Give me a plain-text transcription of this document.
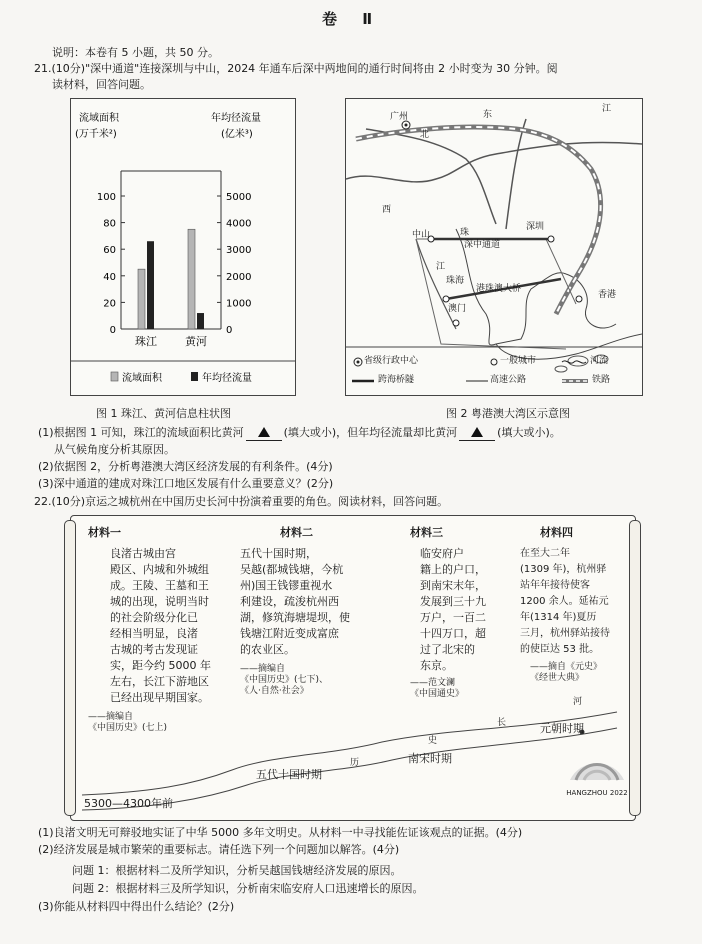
卷 Ⅱ
说明：本卷有 5 小题，共 50 分。
21.(10分)"深中通道"连接深圳与中山，2024 年通车后深中两地间的通行时间将由 2 小时变为 30 分钟。阅
读材料，回答问题。
流域面积
(万千米²)
年均径流量
(亿米³)
0
20
40
60
80
100
0
1000
2000
3000
4000
5000
珠江	黄河
流域面积	年均径流量
图 1 珠江、黄河信息柱状图
广州	东
江
北
西
珠
江
中山
深圳
深中通道
珠海
港珠澳大桥
澳门
香港
省级行政中心	一般城市	河流
跨海桥隧	高速公路	铁路
图 2 粤港澳大湾区示意图
(1)根据图 1 可知，珠江的流域面积比黄河	(填大或小)，但年均径流量却比黄河	(填大或小)。
从气候角度分析其原因。
(2)依据图 2，分析粤港澳大湾区经济发展的有利条件。(4分)
(3)深中通道的建成对珠江口地区发展有什么重要意义？(2分)
22.(10分)京运之城杭州在中国历史长河中扮演着重要的角色。阅读材料，回答问题。
材料一
良渚古城由宫
殿区、内城和外城组
成。王陵、王墓和王
城的出现，说明当时
的社会阶级分化已
经相当明显，良渚
古城的考古发现证
实，距今约 5000 年
左右，长江下游地区
已经出现早期国家。
——摘编自
《中国历史》(七上)
材料二
五代十国时期，
吴越(都城钱塘，今杭
州)国王钱镠重视水
利建设，疏浚杭州西
湖，修筑海塘堤坝，使
钱塘江附近变成富庶
的农业区。
——摘编自
《中国历史》(七下)、
《人·自然·社会》
材料三
临安府户
籍上的户口，
到南宋末年，
发展到三十九
万户，一百二
十四万口，超
过了北宋的
东京。
——范文澜
《中国通史》
材料四
在至大二年
(1309 年)，杭州驿
站年年接待使客
1200 余人。延祐元
年(1314 年)夏历
三月，杭州驿站接待
的使臣达 53 批。
——摘自《元史》
《经世大典》
5300—4300年前
五代十国时期
南宋时期
元朝时期
历
史
长
河
HANGZHOU 2022
(1)良渚文明无可辩驳地实证了中华 5000 多年文明史。从材料一中寻找能佐证该观点的证据。(4分)
(2)经济发展是城市繁荣的重要标志。请任选下列一个问题加以解答。(4分)
问题 1：根据材料二及所学知识，分析吴越国钱塘经济发展的原因。
问题 2：根据材料三及所学知识，分析南宋临安府人口迅速增长的原因。
(3)你能从材料四中得出什么结论？(2分)
